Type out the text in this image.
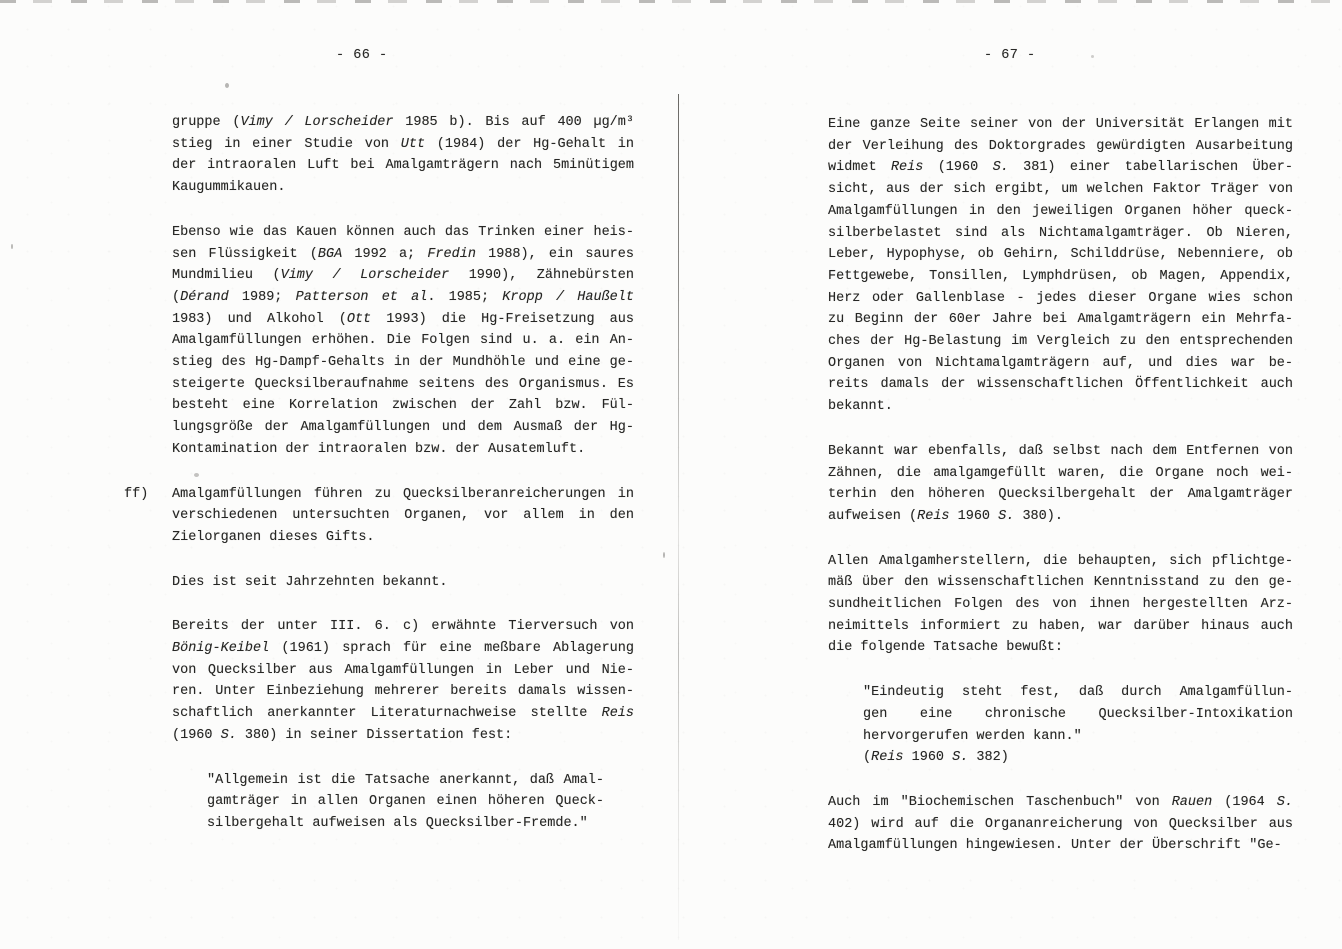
- 66 -	- 67 -
gruppe (Vimy / Lorscheider 1985 b). Bis auf 400 µg/m³
stieg in einer Studie von Utt (1984) der Hg-Gehalt in
der intraoralen Luft bei Amalgamträgern nach 5minütigem
Kaugummikauen.
Ebenso wie das Kauen können auch das Trinken einer heis-
sen Flüssigkeit (BGA 1992 a; Fredin 1988), ein saures
Mundmilieu (Vimy / Lorscheider 1990), Zähnebürsten
(Dérand 1989; Patterson et al. 1985; Kropp / Haußelt
1983) und Alkohol (Ott 1993) die Hg-Freisetzung aus
Amalgamfüllungen erhöhen. Die Folgen sind u. a. ein An-
stieg des Hg-Dampf-Gehalts in der Mundhöhle und eine ge-
steigerte Quecksilberaufnahme seitens des Organismus. Es
besteht eine Korrelation zwischen der Zahl bzw. Fül-
lungsgröße der Amalgamfüllungen und dem Ausmaß der Hg-
Kontamination der intraoralen bzw. der Ausatemluft.
ff) Amalgamfüllungen führen zu Quecksilberanreicherungen in
verschiedenen untersuchten Organen, vor allem in den
Zielorganen dieses Gifts.
Dies ist seit Jahrzehnten bekannt.
Bereits der unter III. 6. c) erwähnte Tierversuch von
Bönig-Keibel (1961) sprach für eine meßbare Ablagerung
von Quecksilber aus Amalgamfüllungen in Leber und Nie-
ren. Unter Einbeziehung mehrerer bereits damals wissen-
schaftlich anerkannter Literaturnachweise stellte Reis
(1960 S. 380) in seiner Dissertation fest:
"Allgemein ist die Tatsache anerkannt, daß Amal-
gamträger in allen Organen einen höheren Queck-
silbergehalt aufweisen als Quecksilber-Fremde."
Eine ganze Seite seiner von der Universität Erlangen mit
der Verleihung des Doktorgrades gewürdigten Ausarbeitung
widmet Reis (1960 S. 381) einer tabellarischen Über-
sicht, aus der sich ergibt, um welchen Faktor Träger von
Amalgamfüllungen in den jeweiligen Organen höher queck-
silberbelastet sind als Nichtamalgamträger. Ob Nieren,
Leber, Hypophyse, ob Gehirn, Schilddrüse, Nebenniere, ob
Fettgewebe, Tonsillen, Lymphdrüsen, ob Magen, Appendix,
Herz oder Gallenblase - jedes dieser Organe wies schon
zu Beginn der 60er Jahre bei Amalgamträgern ein Mehrfa-
ches der Hg-Belastung im Vergleich zu den entsprechenden
Organen von Nichtamalgamträgern auf, und dies war be-
reits damals der wissenschaftlichen Öffentlichkeit auch
bekannt.
Bekannt war ebenfalls, daß selbst nach dem Entfernen von
Zähnen, die amalgamgefüllt waren, die Organe noch wei-
terhin den höheren Quecksilbergehalt der Amalgamträger
aufweisen (Reis 1960 S. 380).
Allen Amalgamherstellern, die behaupten, sich pflichtge-
mäß über den wissenschaftlichen Kenntnisstand zu den ge-
sundheitlichen Folgen des von ihnen hergestellten Arz-
neimittels informiert zu haben, war darüber hinaus auch
die folgende Tatsache bewußt:
"Eindeutig steht fest, daß durch Amalgamfüllun-
gen eine chronische Quecksilber-Intoxikation
hervorgerufen werden kann."
(Reis 1960 S. 382)
Auch im "Biochemischen Taschenbuch" von Rauen (1964 S.
402) wird auf die Organanreicherung von Quecksilber aus
Amalgamfüllungen hingewiesen. Unter der Überschrift "Ge-
